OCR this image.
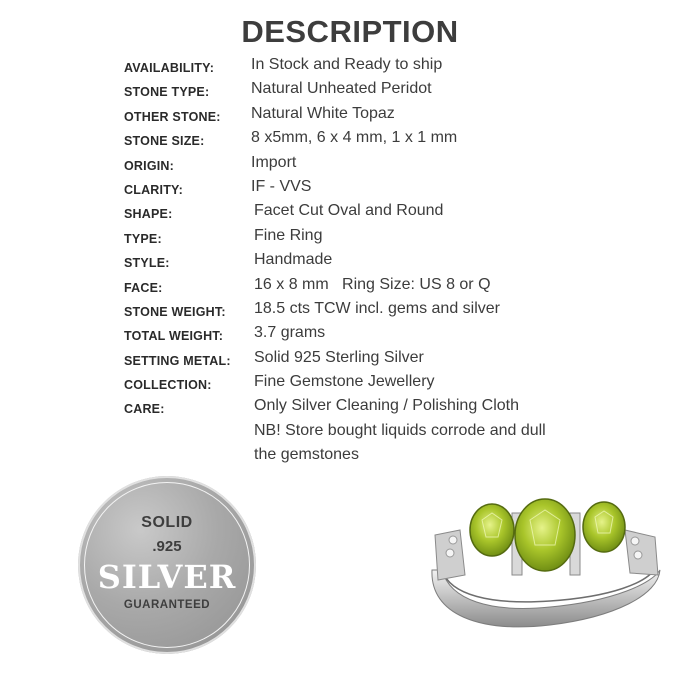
DESCRIPTION
AVAILABILITY: In Stock and Ready to ship
STONE TYPE:	Natural Unheated Peridot
OTHER STONE: Natural White Topaz
STONE SIZE:	8 x5mm, 6 x 4 mm, 1 x 1 mm
ORIGIN:	Import
CLARITY:	IF - VVS
SHAPE:	Facet Cut Oval and Round
TYPE:	Fine Ring
STYLE:	Handmade
FACE:	16 x 8 mm   Ring Size: US 8 or Q
STONE WEIGHT: 18.5 cts TCW incl. gems and silver
TOTAL WEIGHT: 3.7 grams
SETTING METAL: Solid 925 Sterling Silver
COLLECTION:	Fine Gemstone Jewellery
CARE:	Only Silver Cleaning / Polishing Cloth
NB! Store bought liquids corrode and dull
the gemstones
SOLID
.925
SILVER
GUARANTEED
